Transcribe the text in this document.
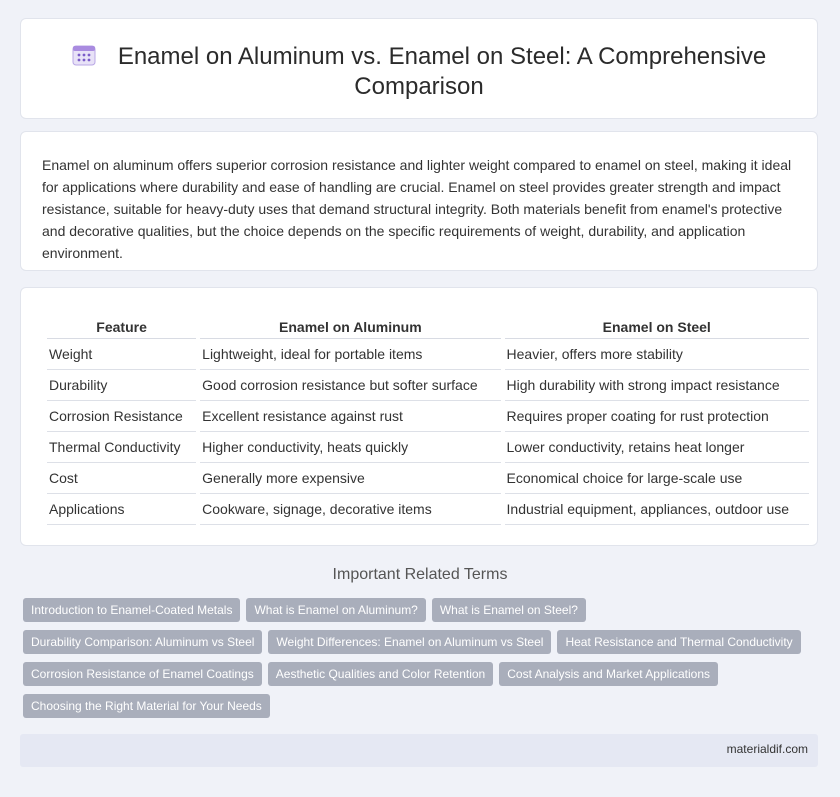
Enamel on Aluminum vs. Enamel on Steel: A Comprehensive
Comparison

Enamel on aluminum offers superior corrosion resistance and lighter weight compared to enamel on steel, making it ideal for applications where durability and ease of handling are crucial. Enamel on steel provides greater strength and impact resistance, suitable for heavy-duty uses that demand structural integrity. Both materials benefit from enamel's protective and decorative qualities, but the choice depends on the specific requirements of weight, durability, and application environment.

Feature	Enamel on Aluminum	Enamel on Steel
Weight	Lightweight, ideal for portable items	Heavier, offers more stability
Durability	Good corrosion resistance but softer surface	High durability with strong impact resistance
Corrosion Resistance	Excellent resistance against rust	Requires proper coating for rust protection
Thermal Conductivity	Higher conductivity, heats quickly	Lower conductivity, retains heat longer
Cost	Generally more expensive	Economical choice for large-scale use
Applications	Cookware, signage, decorative items	Industrial equipment, appliances, outdoor use
Important Related Terms
Introduction to Enamel-Coated Metals What is Enamel on Aluminum? What is Enamel on Steel?
Durability Comparison: Aluminum vs Steel Weight Differences: Enamel on Aluminum vs Steel Heat Resistance and Thermal Conductivity
Corrosion Resistance of Enamel Coatings Aesthetic Qualities and Color Retention Cost Analysis and Market Applications
Choosing the Right Material for Your Needs
materialdif.com
